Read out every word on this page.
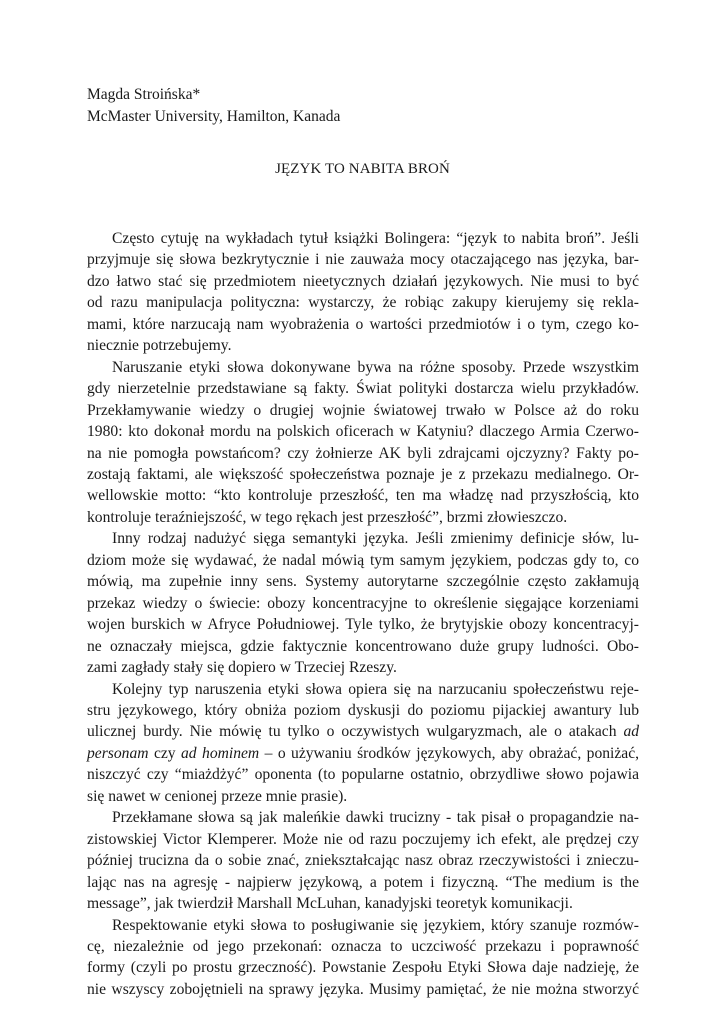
Magda Stroińska*
McMaster University, Hamilton, Kanada
JĘZYK TO NABITA BROŃ
Często cytuję na wykładach tytuł książki Bolingera: “język to nabita broń”. Jeśli
przyjmuje się słowa bezkrytycznie i nie zauważa mocy otaczającego nas języka, bar-
dzo łatwo stać się przedmiotem nieetycznych działań językowych. Nie musi to być
od razu manipulacja polityczna: wystarczy, że robiąc zakupy kierujemy się rekla-
mami, które narzucają nam wyobrażenia o wartości przedmiotów i o tym, czego ko-
niecznie potrzebujemy.
Naruszanie etyki słowa dokonywane bywa na różne sposoby. Przede wszystkim
gdy nierzetelnie przedstawiane są fakty. Świat polityki dostarcza wielu przykładów.
Przekłamywanie wiedzy o drugiej wojnie światowej trwało w Polsce aż do roku
1980: kto dokonał mordu na polskich oficerach w Katyniu? dlaczego Armia Czerwo-
na nie pomogła powstańcom? czy żołnierze AK byli zdrajcami ojczyzny? Fakty po-
zostają faktami, ale większość społeczeństwa poznaje je z przekazu medialnego. Or-
wellowskie motto: “kto kontroluje przeszłość, ten ma władzę nad przyszłością, kto
kontroluje teraźniejszość, w tego rękach jest przeszłość”, brzmi złowieszczo.
Inny rodzaj nadużyć sięga semantyki języka. Jeśli zmienimy definicje słów, lu-
dziom może się wydawać, że nadal mówią tym samym językiem, podczas gdy to, co
mówią, ma zupełnie inny sens. Systemy autorytarne szczególnie często zakłamują
przekaz wiedzy o świecie: obozy koncentracyjne to określenie sięgające korzeniami
wojen burskich w Afryce Południowej. Tyle tylko, że brytyjskie obozy koncentracyj-
ne oznaczały miejsca, gdzie faktycznie koncentrowano duże grupy ludności. Obo-
zami zagłady stały się dopiero w Trzeciej Rzeszy.
Kolejny typ naruszenia etyki słowa opiera się na narzucaniu społeczeństwu reje-
stru językowego, który obniża poziom dyskusji do poziomu pijackiej awantury lub
ulicznej burdy. Nie mówię tu tylko o oczywistych wulgaryzmach, ale o atakach ad
personam czy ad hominem – o używaniu środków językowych, aby obrażać, poniżać,
niszczyć czy “miażdżyć” oponenta (to popularne ostatnio, obrzydliwe słowo pojawia
się nawet w cenionej przeze mnie prasie).
Przekłamane słowa są jak maleńkie dawki trucizny - tak pisał o propagandzie na-
zistowskiej Victor Klemperer. Może nie od razu poczujemy ich efekt, ale prędzej czy
później trucizna da o sobie znać, zniekształcając nasz obraz rzeczywistości i znieczu-
lając nas na agresję - najpierw językową, a potem i fizyczną. “The medium is the
message”, jak twierdził Marshall McLuhan, kanadyjski teoretyk komunikacji.
Respektowanie etyki słowa to posługiwanie się językiem, który szanuje rozmów-
cę, niezależnie od jego przekonań: oznacza to uczciwość przekazu i poprawność
formy (czyli po prostu grzeczność). Powstanie Zespołu Etyki Słowa daje nadzieję, że
nie wszyscy zobojętnieli na sprawy języka. Musimy pamiętać, że nie można stworzyć
